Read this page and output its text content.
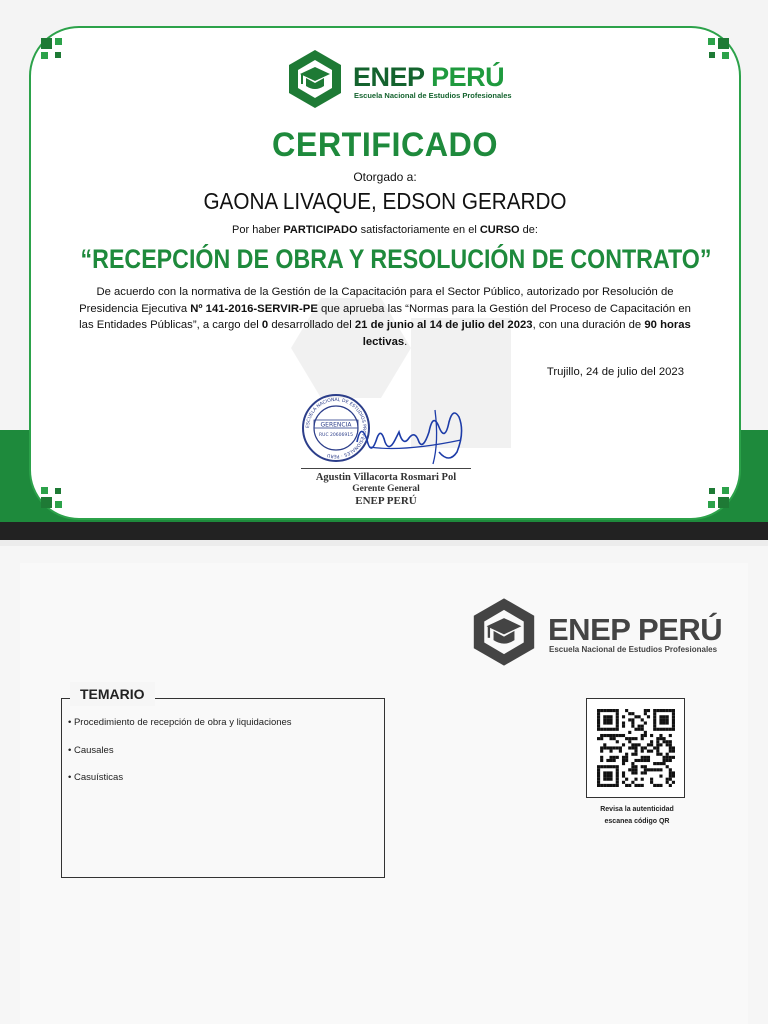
ENEP PERÚ
Escuela Nacional de Estudios Profesionales
CERTIFICADO
Otorgado a:
GAONA LIVAQUE, EDSON GERARDO
Por haber PARTICIPADO satisfactoriamente en el CURSO de:
“RECEPCIÓN DE OBRA Y RESOLUCIÓN DE CONTRATO”
De acuerdo con la normativa de la Gestión de la Capacitación para el Sector Público, autorizado por Resolución de Presidencia Ejecutiva Nº 141-2016-SERVIR-PE que aprueba las “Normas para la Gestión del Proceso de Capacitación en las Entidades Públicas”, a cargo del 0 desarrollado del 21 de junio al 14 de julio del 2023, con una duración de 90 horas lectivas.
Trujillo, 24 de julio del 2023
ESCUELA NACIONAL DE ESTUDIOS PROFESIONALES · PERÚ
GERENCIA
RUC 20606915
Agustin Villacorta Rosmari Pol
Gerente General
ENEP PERÚ
ENEP PERÚ
Escuela Nacional de Estudios Profesionales
TEMARIO
• Procedimiento de recepción de obra y liquidaciones
• Causales
• Casuísticas
Revisa la autenticidad
escanea código QR
